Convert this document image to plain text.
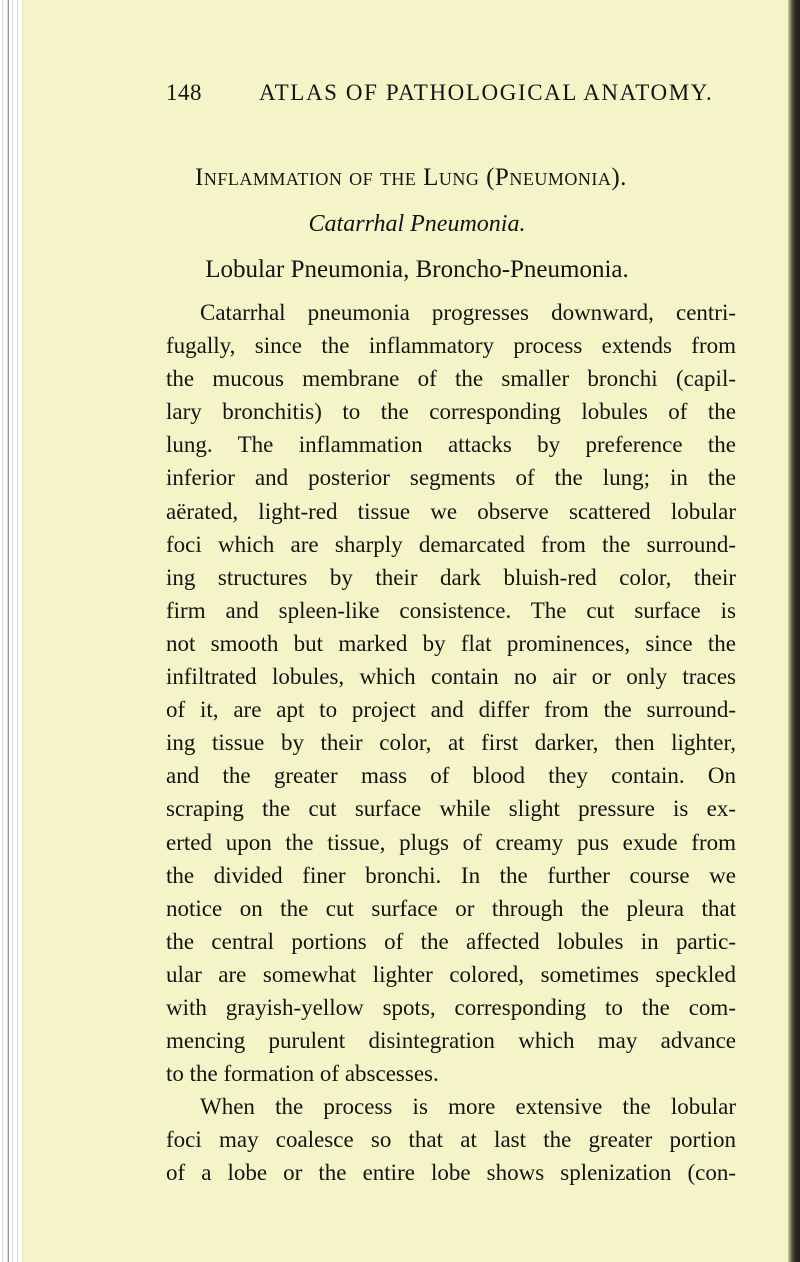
148 ATLAS OF PATHOLOGICAL ANATOMY.
Inflammation of the Lung (Pneumonia).
Catarrhal Pneumonia.
Lobular Pneumonia, Broncho-Pneumonia.
Catarrhal pneumonia progresses downward, centri-
fugally, since the inflammatory process extends from
the mucous membrane of the smaller bronchi (capil-
lary bronchitis) to the corresponding lobules of the
lung. The inflammation attacks by preference the
inferior and posterior segments of the lung; in the
aërated, light-red tissue we observe scattered lobular
foci which are sharply demarcated from the surround-
ing structures by their dark bluish-red color, their
firm and spleen-like consistence. The cut surface is
not smooth but marked by flat prominences, since the
infiltrated lobules, which contain no air or only traces
of it, are apt to project and differ from the surround-
ing tissue by their color, at first darker, then lighter,
and the greater mass of blood they contain. On
scraping the cut surface while slight pressure is ex-
erted upon the tissue, plugs of creamy pus exude from
the divided finer bronchi. In the further course we
notice on the cut surface or through the pleura that
the central portions of the affected lobules in partic-
ular are somewhat lighter colored, sometimes speckled
with grayish-yellow spots, corresponding to the com-
mencing purulent disintegration which may advance
to the formation of abscesses.
When the process is more extensive the lobular
foci may coalesce so that at last the greater portion
of a lobe or the entire lobe shows splenization (con-
